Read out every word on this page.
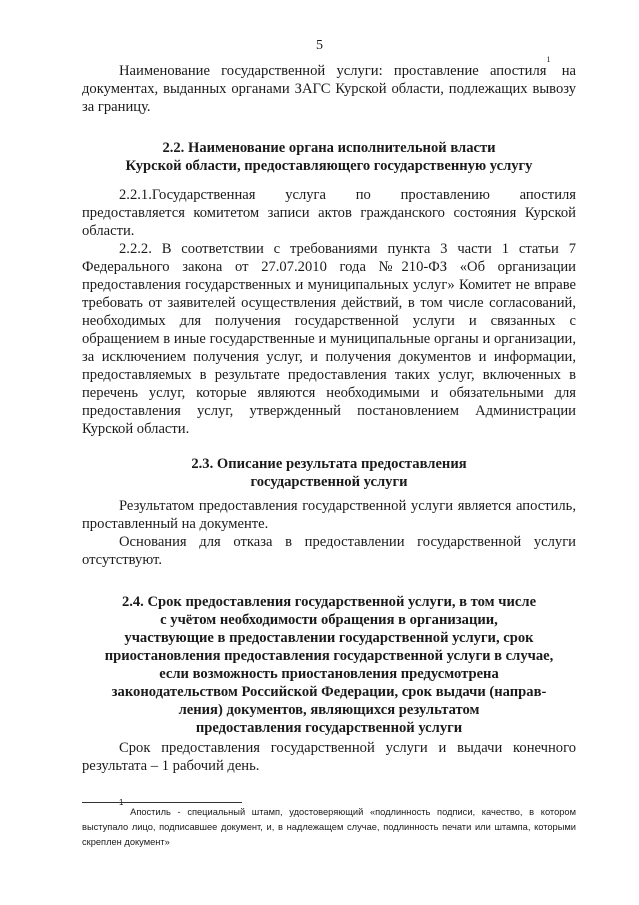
5

Наименование государственной услуги: проставление апостиля$^1$ на документах, выданных органами ЗАГС Курской области, подлежащих вывозу за границу.

2.2. Наименование органа исполнительной власти
Курской области, предоставляющего государственную услугу

2.2.1.Государственная услуга по проставлению апостиля предоставляется комитетом записи актов гражданского состояния Курской области.

2.2.2. В соответствии с требованиями пункта 3 части 1 статьи 7 Федерального закона от 27.07.2010 года №210-ФЗ «Об организации предоставления государственных и муниципальных услуг» Комитет не вправе требовать от заявителей осуществления действий, в том числе согласований, необходимых для получения государственной услуги и связанных с обращением в иные государственные и муниципальные органы и организации, за исключением получения услуг, и получения документов и информации, предоставляемых в результате предоставления таких услуг, включенных в перечень услуг, которые являются необходимыми и обязательными для предоставления услуг, утвержденный постановлением Администрации Курской области.

2.3. Описание результата предоставления
государственной услуги

Результатом предоставления государственной услуги является апостиль, проставленный на документе.

Основания для отказа в предоставлении государственной услуги отсутствуют.

2.4. Срок предоставления государственной услуги, в том числе
с учётом необходимости обращения в организации,
участвующие в предоставлении государственной услуги, срок
приостановления предоставления государственной услуги в случае,
если возможность приостановления предусмотрена
законодательством Российской Федерации, срок выдачи (направ-
ления) документов, являющихся результатом
предоставления государственной услуги

Срок предоставления государственной услуги и выдачи конечного результата – 1 рабочий день.

$^1$ Апостиль - специальный штамп, удостоверяющий «подлинность подписи, качество, в котором выступало лицо, подписавшее документ, и, в надлежащем случае, подлинность печати или штампа, которыми скреплен документ»
